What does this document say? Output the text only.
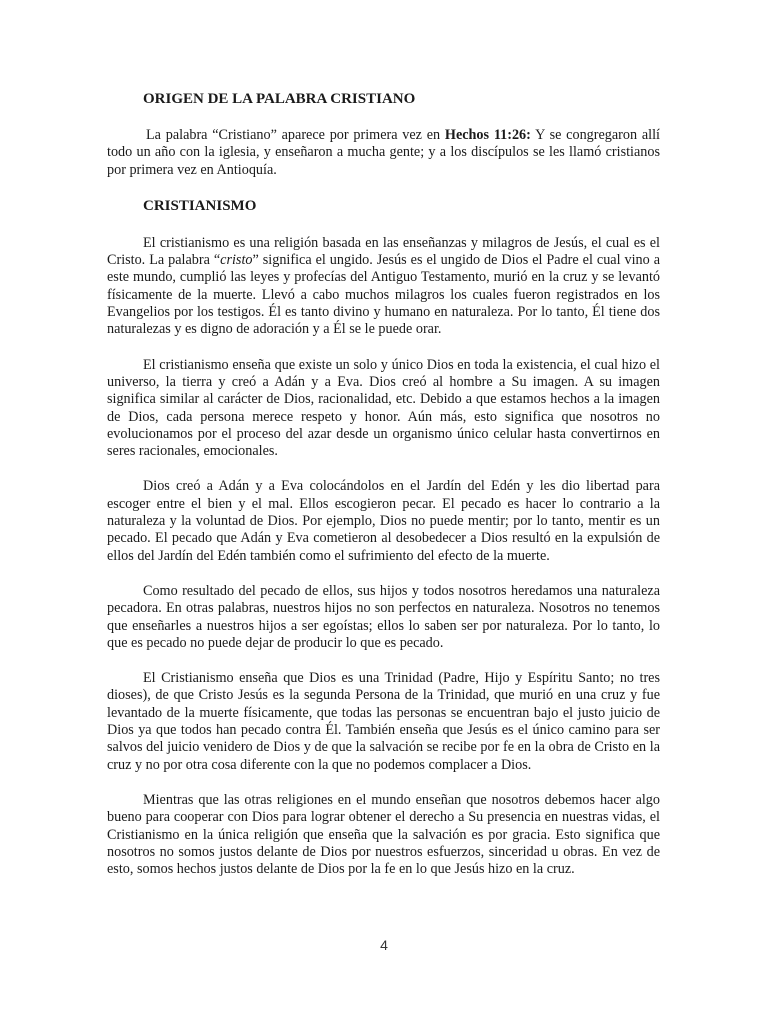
ORIGEN DE LA PALABRA CRISTIANO

La palabra “Cristiano” aparece por primera vez en Hechos 11:26: Y se congregaron allí todo un año con la iglesia, y enseñaron a mucha gente; y a los discípulos se les llamó cristianos por primera vez en Antioquía.

CRISTIANISMO

El cristianismo es una religión basada en las enseñanzas y milagros de Jesús, el cual es el Cristo. La palabra “cristo” significa el ungido. Jesús es el ungido de Dios el Padre el cual vino a este mundo, cumplió las leyes y profecías del Antiguo Testamento, murió en la cruz y se levantó físicamente de la muerte. Llevó a cabo muchos milagros los cuales fueron registrados en los Evangelios por los testigos. Él es tanto divino y humano en naturaleza. Por lo tanto, Él tiene dos naturalezas y es digno de adoración y a Él se le puede orar.

El cristianismo enseña que existe un solo y único Dios en toda la existencia, el cual hizo el universo, la tierra y creó a Adán y a Eva. Dios creó al hombre a Su imagen. A su imagen significa similar al carácter de Dios, racionalidad, etc. Debido a que estamos hechos a la imagen de Dios, cada persona merece respeto y honor. Aún más, esto significa que nosotros no evolucionamos por el proceso del azar desde un organismo único celular hasta convertirnos en seres racionales, emocionales.

Dios creó a Adán y a Eva colocándolos en el Jardín del Edén y les dio libertad para escoger entre el bien y el mal. Ellos escogieron pecar. El pecado es hacer lo contrario a la naturaleza y la voluntad de Dios. Por ejemplo, Dios no puede mentir; por lo tanto, mentir es un pecado. El pecado que Adán y Eva cometieron al desobedecer a Dios resultó en la expulsión de ellos del Jardín del Edén también como el sufrimiento del efecto de la muerte.

Como resultado del pecado de ellos, sus hijos y todos nosotros heredamos una naturaleza pecadora. En otras palabras, nuestros hijos no son perfectos en naturaleza. Nosotros no tenemos que enseñarles a nuestros hijos a ser egoístas; ellos lo saben ser por naturaleza. Por lo tanto, lo que es pecado no puede dejar de producir lo que es pecado.

El Cristianismo enseña que Dios es una Trinidad (Padre, Hijo y Espíritu Santo; no tres dioses), de que Cristo Jesús es la segunda Persona de la Trinidad, que murió en una cruz y fue levantado de la muerte físicamente, que todas las personas se encuentran bajo el justo juicio de Dios ya que todos han pecado contra Él. También enseña que Jesús es el único camino para ser salvos del juicio venidero de Dios y de que la salvación se recibe por fe en la obra de Cristo en la cruz y no por otra cosa diferente con la que no podemos complacer a Dios.

Mientras que las otras religiones en el mundo enseñan que nosotros debemos hacer algo bueno para cooperar con Dios para lograr obtener el derecho a Su presencia en nuestras vidas, el Cristianismo en la única religión que enseña que la salvación es por gracia. Esto significa que nosotros no somos justos delante de Dios por nuestros esfuerzos, sinceridad u obras. En vez de esto, somos hechos justos delante de Dios por la fe en lo que Jesús hizo en la cruz.

4
